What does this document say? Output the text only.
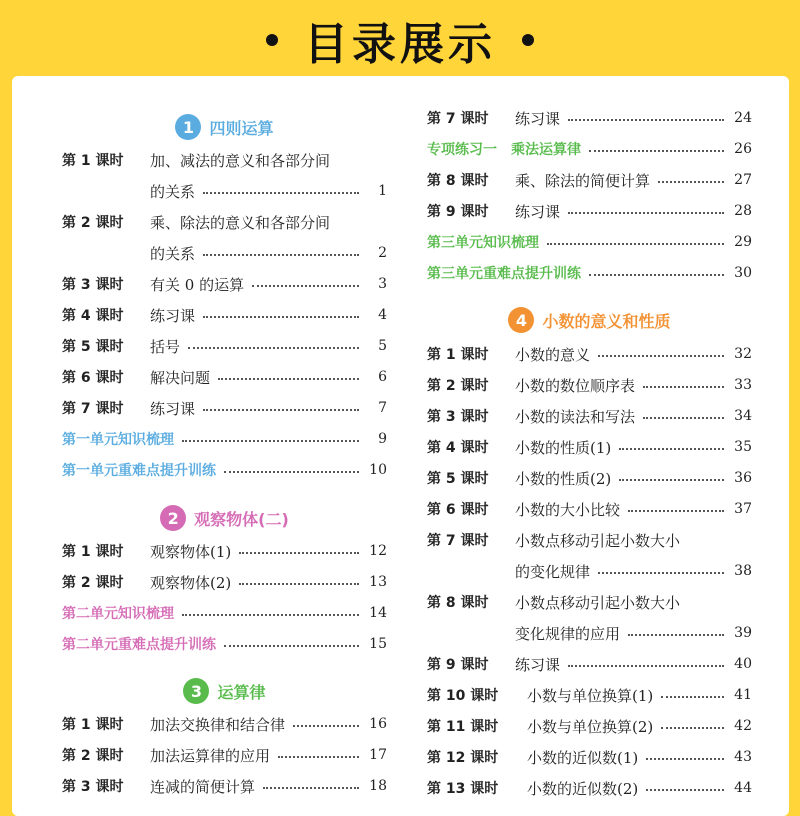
目录展示
1 四则运算
第 1 课时	加、减法的意义和各部分间
的关系	1
第 2 课时	乘、除法的意义和各部分间
的关系	2
第 3 课时	有关 0 的运算	3
第 4 课时	练习课	4
第 5 课时	括号	5
第 6 课时	解决问题	6
第 7 课时	练习课	7
第一单元知识梳理	9
第一单元重难点提升训练	10
2 观察物体(二)
第 1 课时	观察物体(1)	12
第 2 课时	观察物体(2)	13
第二单元知识梳理	14
第二单元重难点提升训练	15
3 运算律
第 1 课时	加法交换律和结合律	16
第 2 课时	加法运算律的应用	17
第 3 课时	连减的简便计算	18
第 7 课时	练习课	24
专项练习一　乘法运算律	26
第 8 课时	乘、除法的简便计算	27
第 9 课时	练习课	28
第三单元知识梳理	29
第三单元重难点提升训练	30
4 小数的意义和性质
第 1 课时	小数的意义	32
第 2 课时	小数的数位顺序表	33
第 3 课时	小数的读法和写法	34
第 4 课时	小数的性质(1)	35
第 5 课时	小数的性质(2)	36
第 6 课时	小数的大小比较	37
第 7 课时	小数点移动引起小数大小
的变化规律	38
第 8 课时	小数点移动引起小数大小
变化规律的应用	39
第 9 课时	练习课	40
第 10 课时	小数与单位换算(1)	41
第 11 课时	小数与单位换算(2)	42
第 12 课时	小数的近似数(1)	43
第 13 课时	小数的近似数(2)	44
